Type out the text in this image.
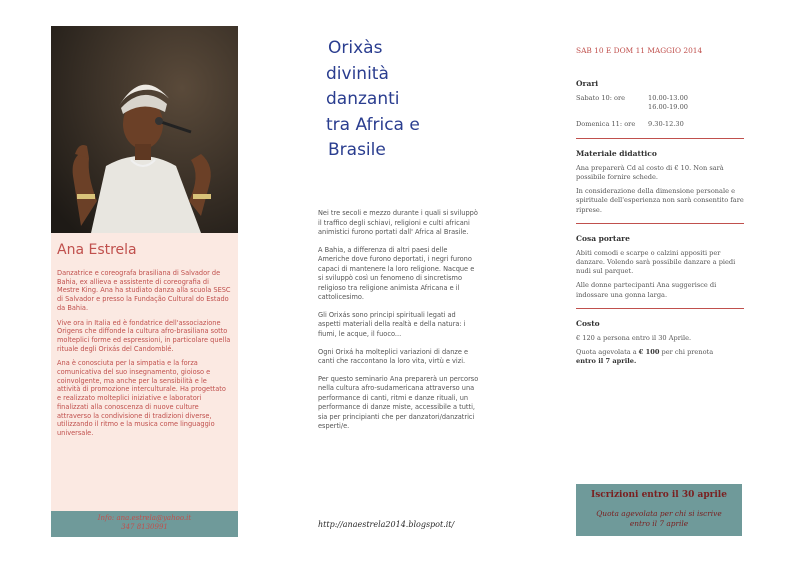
Ana Estrela

Danzatrice e coreografa brasiliana di Salvador de Bahia, ex allieva e assistente di coreografia di Mestre King. Ana ha studiato danza alla scuola SESC di Salvador e presso la Fundação Cultural do Estado da Bahia.

Vive ora in Italia ed è fondatrice dell'associazione Origens che diffonde la cultura afro-brasiliana sotto molteplici forme ed espressioni, in particolare quella rituale degli Orixás del Candomblé.

Ana è conosciuta per la simpatia e la forza comunicativa del suo insegnamento, gioioso e coinvolgente, ma anche per la sensibilità e le attività di promozione interculturale. Ha progettato e realizzato molteplici iniziative e laboratori finalizzati alla conoscenza di nuove culture attraverso la condivisione di tradizioni diverse, utilizzando il ritmo e la musica come linguaggio universale.

Info: ana.estrela@yahoo.it
347 8130991
Orixàs
divinità
danzanti
tra Africa e
Brasile

Nei tre secoli e mezzo durante i quali si sviluppò il traffico degli schiavi, religioni e culti africani animistici furono portati dall' Africa al Brasile.

A Bahia, a differenza di altri paesi delle Americhe dove furono deportati, i negri furono capaci di mantenere la loro religione. Nacque e si sviluppò così un fenomeno di sincretismo religioso tra religione animista Africana e il cattolicesimo.

Gli Orixás sono principi spirituali legati ad aspetti materiali della realtà e della natura: i fiumi, le acque, il fuoco...

Ogni Orixá ha molteplici variazioni di danze e canti che raccontano la loro vita, virtù e vizi.

Per questo seminario Ana preparerà un percorso nella cultura afro-sudamericana attraverso una performance di canti, ritmi e danze rituali, un performance di danze miste, accessibile a tutti, sia per principianti che per danzatori/danzatrici esperti/e.

http://anaestrela2014.blogspot.it/
SAB 10 E DOM 11 MAGGIO 2014
Orari
Sabato 10: ore	10.00-13.00
16.00-19.00
Domenica 11: ore	9.30-12.30
Materiale didattico

Ana preparerà Cd al costo di € 10. Non sarà possibile fornire schede.

In considerazione della dimensione personale e spirituale dell'esperienza non sarà consentito fare riprese.

Cosa portare

Abiti comodi e scarpe o calzini appositi per danzare. Volendo sarà possibile danzare a piedi nudi sul parquet.

Alle donne partecipanti Ana suggerisce di indossare una gonna larga.

Costo

€ 120 a persona entro il 30 Aprile.

Quota agevolata a € 100 per chi prenota
entro il 7 aprile.

Iscrizioni entro il 30 aprile
Quota agevolata per chi si iscrive
entro il 7 aprile
